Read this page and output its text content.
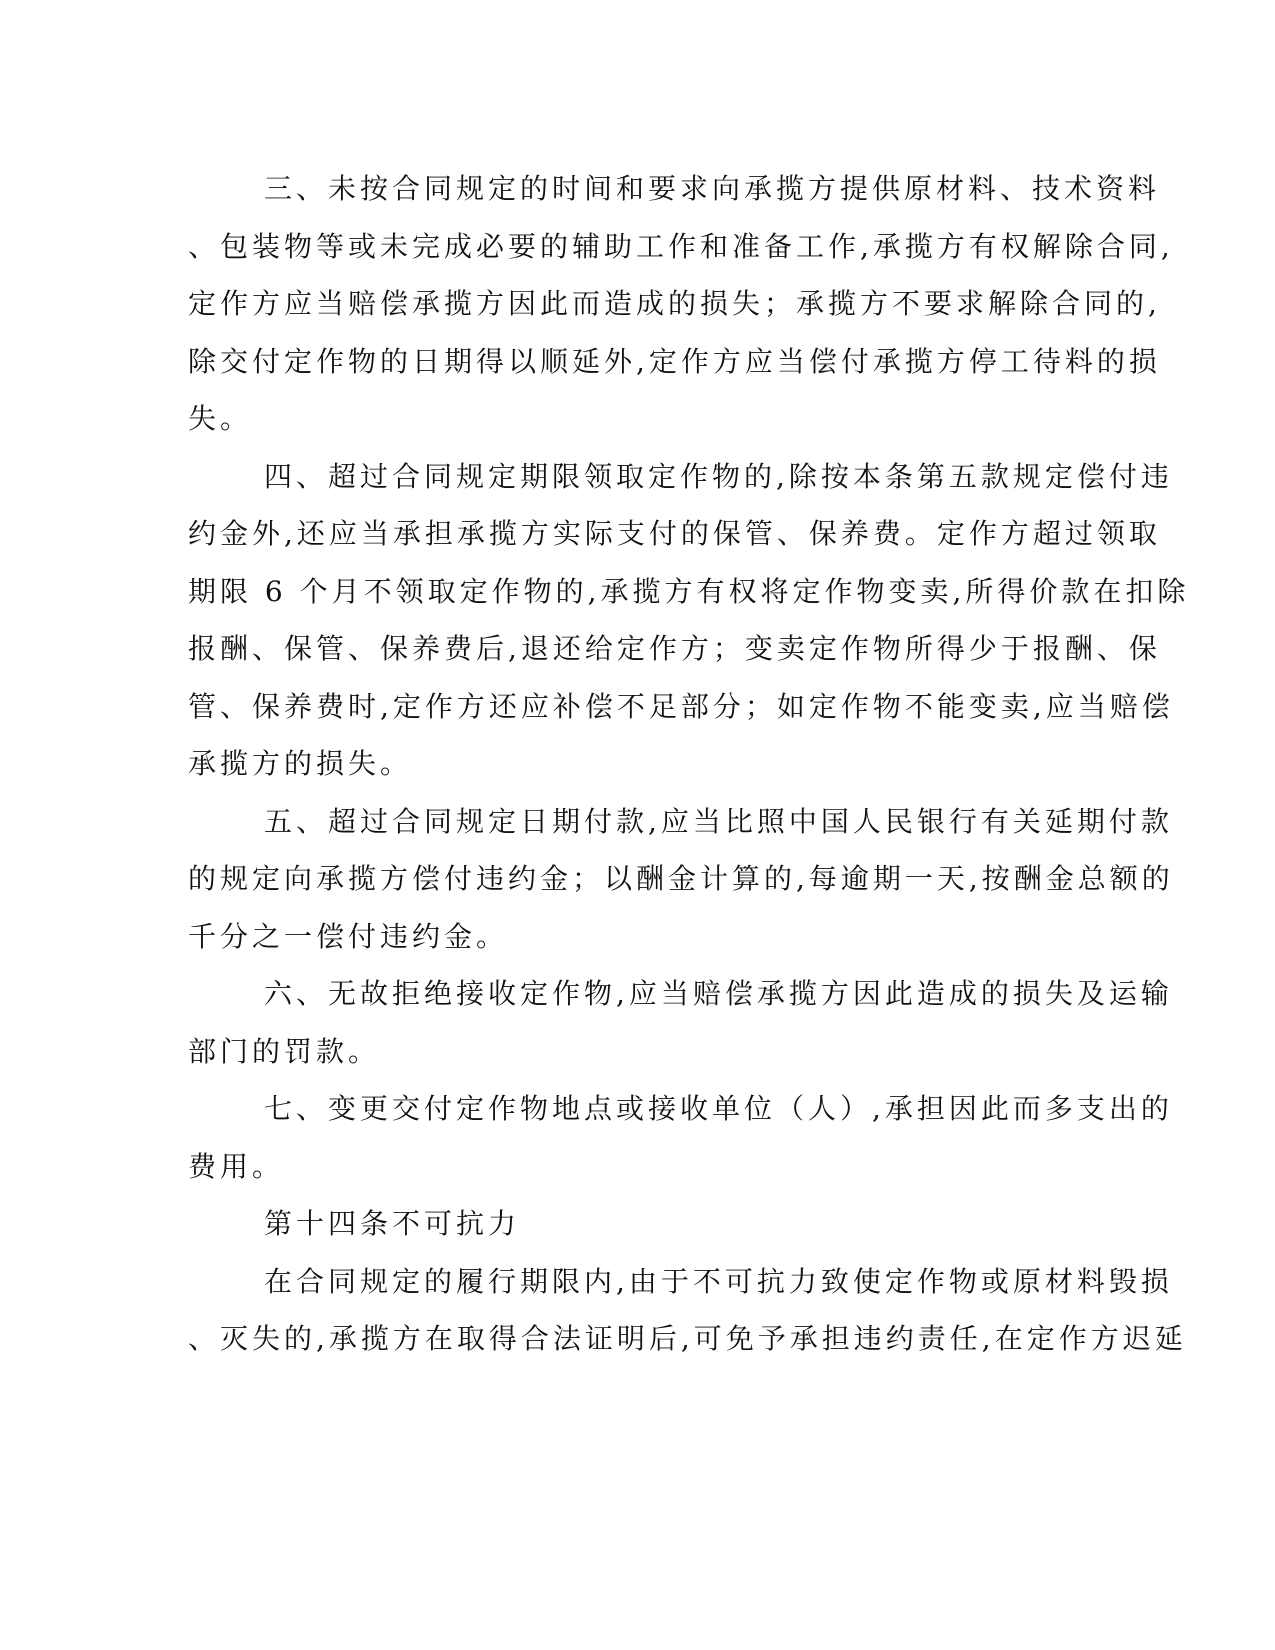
三、未按合同规定的时间和要求向承揽方提供原材料、技术资料
、包装物等或未完成必要的辅助工作和准备工作,承揽方有权解除合同,
定作方应当赔偿承揽方因此而造成的损失；承揽方不要求解除合同的,
除交付定作物的日期得以顺延外,定作方应当偿付承揽方停工待料的损
失。
四、超过合同规定期限领取定作物的,除按本条第五款规定偿付违
约金外,还应当承担承揽方实际支付的保管、保养费。定作方超过领取
期限 6 个月不领取定作物的,承揽方有权将定作物变卖,所得价款在扣除
报酬、保管、保养费后,退还给定作方；变卖定作物所得少于报酬、保
管、保养费时,定作方还应补偿不足部分；如定作物不能变卖,应当赔偿
承揽方的损失。
五、超过合同规定日期付款,应当比照中国人民银行有关延期付款
的规定向承揽方偿付违约金；以酬金计算的,每逾期一天,按酬金总额的
千分之一偿付违约金。
六、无故拒绝接收定作物,应当赔偿承揽方因此造成的损失及运输
部门的罚款。
七、变更交付定作物地点或接收单位（人）,承担因此而多支出的
费用。
第十四条不可抗力
在合同规定的履行期限内,由于不可抗力致使定作物或原材料毁损
、灭失的,承揽方在取得合法证明后,可免予承担违约责任,在定作方迟延
